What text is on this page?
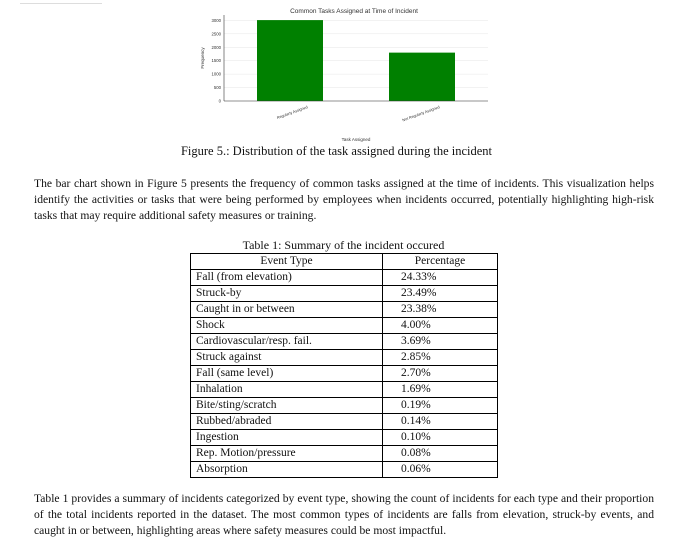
Common Tasks Assigned at Time of Incident
0
500
1000
1500
2000
2500
3000
Regularly Assigned	Not Regularly Assigned
Frequency
Task Assigned
Figure 5.: Distribution of the task assigned during the incident

The bar chart shown in Figure 5 presents the frequency of common tasks assigned at the time of incidents. This visualization helps identify the activities or tasks that were being performed by employees when incidents occurred, potentially highlighting high-risk tasks that may require additional safety measures or training.

Table 1: Summary of the incident occured
Event Type	Percentage
Fall (from elevation)	24.33%
Struck-by	23.49%
Caught in or between	23.38%
Shock	4.00%
Cardiovascular/resp. fail.	3.69%
Struck against	2.85%
Fall (same level)	2.70%
Inhalation	1.69%
Bite/sting/scratch	0.19%
Rubbed/abraded	0.14%
Ingestion	0.10%
Rep. Motion/pressure	0.08%
Absorption	0.06%

Table 1 provides a summary of incidents categorized by event type, showing the count of incidents for each type and their proportion of the total incidents reported in the dataset. The most common types of incidents are falls from elevation, struck-by events, and caught in or between, highlighting areas where safety measures could be most impactful.
